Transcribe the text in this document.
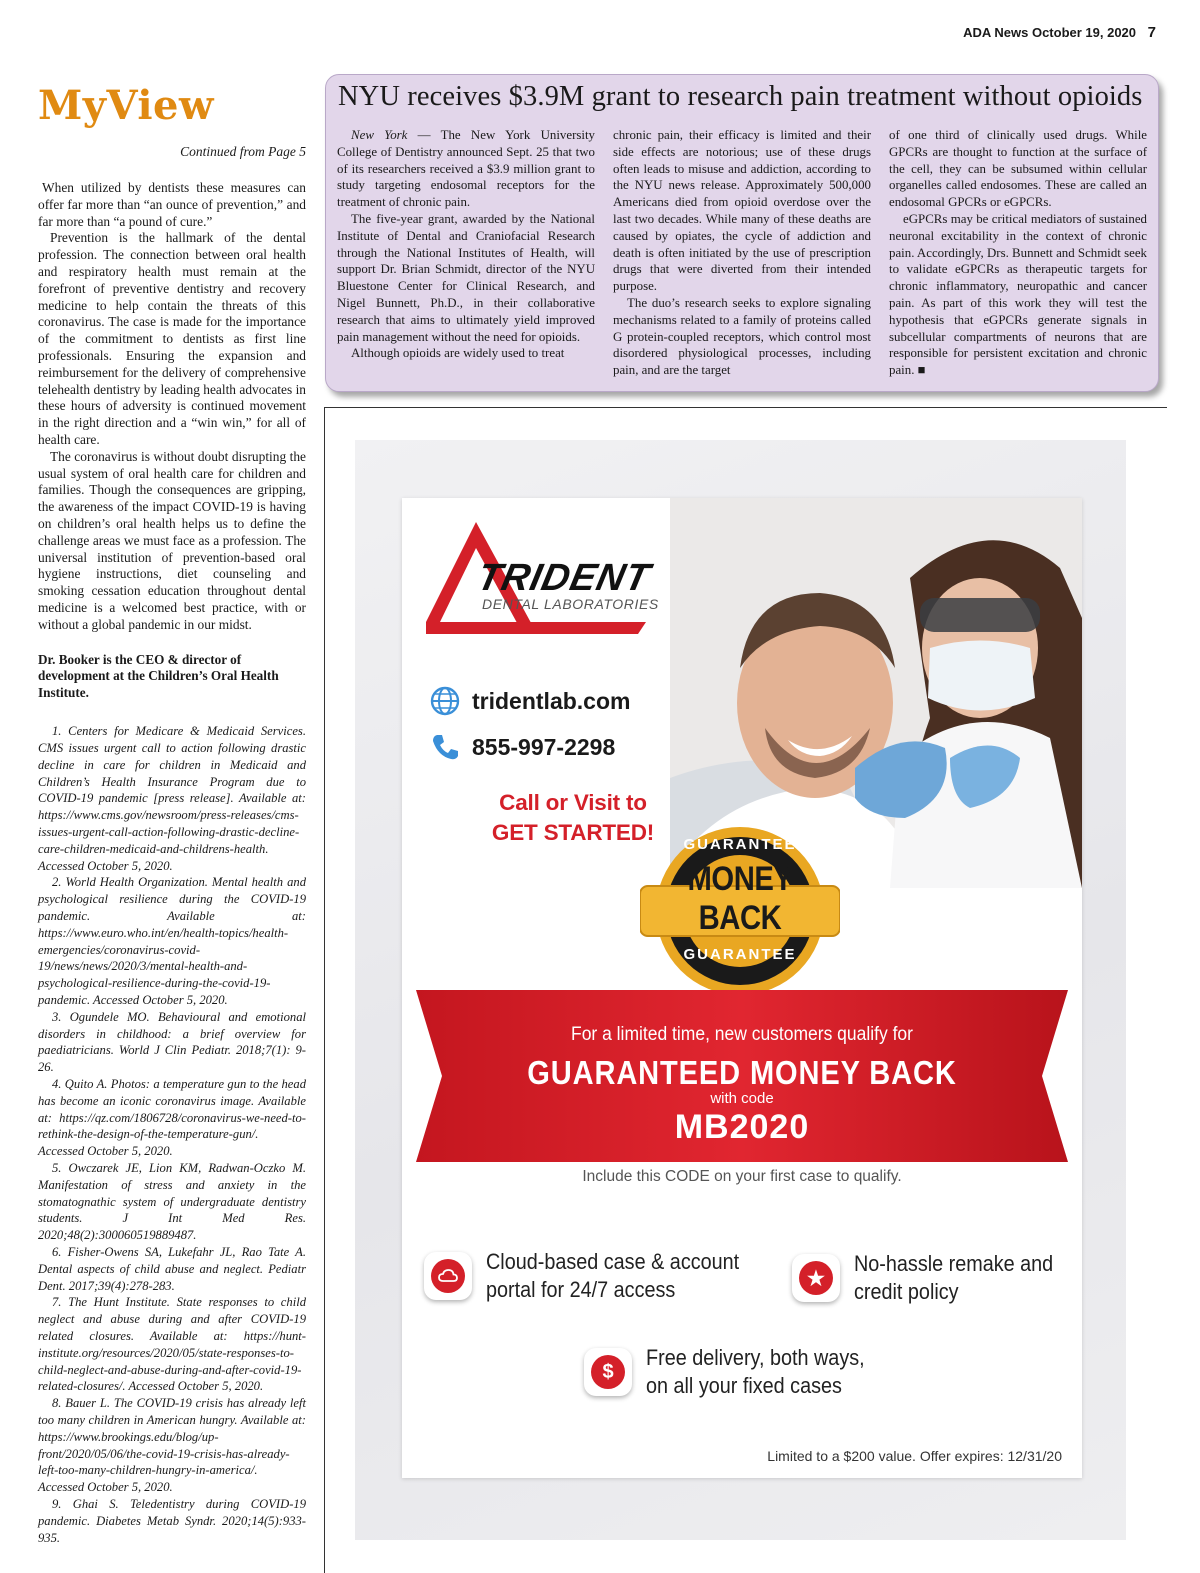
ADA News October 19, 2020 7
MyView
Continued from Page 5

When utilized by dentists these measures can offer far more than “an ounce of prevention,” and far more than “a pound of cure.”

Prevention is the hallmark of the dental profession. The connection between oral health and respiratory health must remain at the forefront of preventive dentistry and recovery medicine to help contain the threats of this coronavirus. The case is made for the importance of the commitment to dentists as first line professionals. Ensuring the expansion and reimbursement for the delivery of comprehensive telehealth dentistry by leading health advocates in these hours of adversity is continued movement in the right direction and a “win win,” for all of health care.

The coronavirus is without doubt disrupting the usual system of oral health care for children and families. Though the consequences are gripping, the awareness of the impact COVID-19 is having on children’s oral health helps us to define the challenge areas we must face as a profession. The universal institution of prevention-based oral hygiene instructions, diet counseling and smoking cessation education throughout dental medicine is a welcomed best practice, with or without a global pandemic in our midst.

Dr. Booker is the CEO & director of development at the Children’s Oral Health Institute.

1. Centers for Medicare & Medicaid Services. CMS issues urgent call to action following drastic decline in care for children in Medicaid and Children’s Health Insurance Program due to COVID-19 pandemic [press release]. Available at: https://www.cms.gov/newsroom/press-releases/cms-issues-urgent-call-action-following-drastic-decline-care-children-medicaid-and-childrens-health. Accessed October 5, 2020.

2. World Health Organization. Mental health and psychological resilience during the COVID-19 pandemic. Available at: https://www.euro.who.int/en/health-topics/health-emergencies/coronavirus-covid-19/news/news/2020/3/mental-health-and-psychological-resilience-during-the-covid-19-pandemic. Accessed October 5, 2020.

3. Ogundele MO. Behavioural and emotional disorders in childhood: a brief overview for paediatricians. World J Clin Pediatr. 2018;7(1): 9-26.

4. Quito A. Photos: a temperature gun to the head has become an iconic coronavirus image. Available at: https://qz.com/1806728/coronavirus-we-need-to-rethink-the-design-of-the-temperature-gun/. Accessed October 5, 2020.

5. Owczarek JE, Lion KM, Radwan-Oczko M. Manifestation of stress and anxiety in the stomatognathic system of undergraduate dentistry students. J Int Med Res. 2020;48(2):300060519889487.

6. Fisher-Owens SA, Lukefahr JL, Rao Tate A. Dental aspects of child abuse and neglect. Pediatr Dent. 2017;39(4):278-283.

7. The Hunt Institute. State responses to child neglect and abuse during and after COVID-19 related closures. Available at: https://hunt-institute.org/resources/2020/05/state-responses-to-child-neglect-and-abuse-during-and-after-covid-19-related-closures/. Accessed October 5, 2020.

8. Bauer L. The COVID-19 crisis has already left too many children in American hungry. Available at: https://www.brookings.edu/blog/up-front/2020/05/06/the-covid-19-crisis-has-already-left-too-many-children-hungry-in-america/. Accessed October 5, 2020.

9. Ghai S. Teledentistry during COVID-19 pandemic. Diabetes Metab Syndr. 2020;14(5):933-935.

NYU receives $3.9M grant to research pain treatment without opioids

New York — The New York University College of Dentistry announced Sept. 25 that two of its researchers received a $3.9 million grant to study targeting endosomal receptors for the treatment of chronic pain.

The five-year grant, awarded by the National Institute of Dental and Craniofacial Research through the National Institutes of Health, will support Dr. Brian Schmidt, director of the NYU Bluestone Center for Clinical Research, and Nigel Bunnett, Ph.D., in their collaborative research that aims to ultimately yield improved pain management without the need for opioids.

Although opioids are widely used to treat

chronic pain, their efficacy is limited and their side effects are notorious; use of these drugs often leads to misuse and addiction, according to the NYU news release. Approximately 500,000 Americans died from opioid overdose over the last two decades. While many of these deaths are caused by opiates, the cycle of addiction and death is often initiated by the use of prescription drugs that were diverted from their intended purpose.

The duo’s research seeks to explore signaling mechanisms related to a family of proteins called G protein-coupled receptors, which control most disordered physiological processes, including pain, and are the target

of one third of clinically used drugs. While GPCRs are thought to function at the surface of the cell, they can be subsumed within cellular organelles called endosomes. These are called an endosomal GPCRs or eGPCRs.

eGPCRs may be critical mediators of sustained neuronal excitability in the context of chronic pain. Accordingly, Drs. Bunnett and Schmidt seek to validate eGPCRs as therapeutic targets for chronic inflammatory, neuropathic and cancer pain. As part of this work they will test the hypothesis that eGPCRs generate signals in subcellular compartments of neurons that are responsible for persistent excitation and chronic pain. ■

TRIDENT
DENTAL LABORATORIES
tridentlab.com
855-997-2298
Call or Visit to
GET STARTED!
MONEY BACK
GUARANTEE
GUARANTEE
For a limited time, new customers qualify for
GUARANTEED MONEY BACK
with code
MB2020
Include this CODE on your first case to qualify.
Cloud-based case & account
portal for 24/7 access	★
No-hassle remake and
credit policy
$
Free delivery, both ways,
on all your fixed cases
Limited to a $200 value. Offer expires: 12/31/20
